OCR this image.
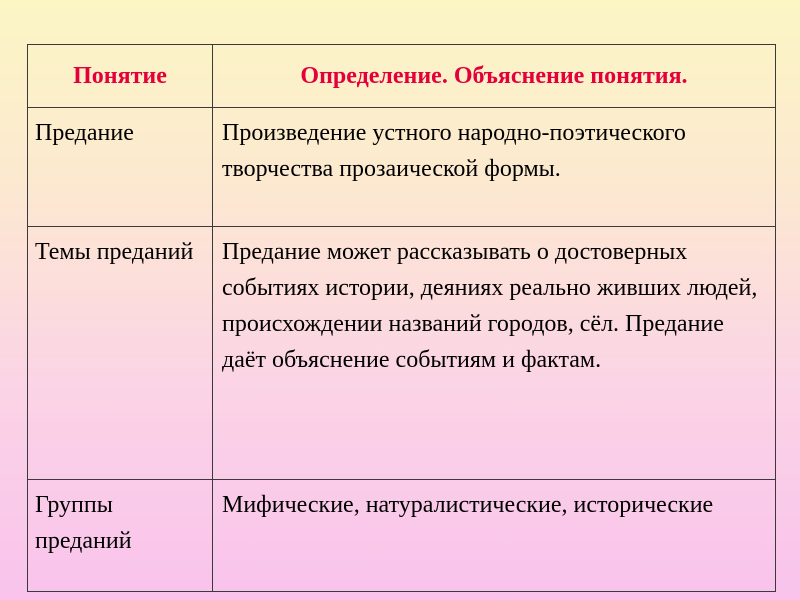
Понятие	Определение. Объяснение понятия.
Предание	Произведение устного народно-поэтического творчества прозаической формы.
Темы преданий	Предание может рассказывать о достоверных событиях истории, деяниях реально живших людей, происхождении названий городов, сёл. Предание даёт объяснение событиям и фактам.
Группы преданий	Мифические, натуралистические, исторические
